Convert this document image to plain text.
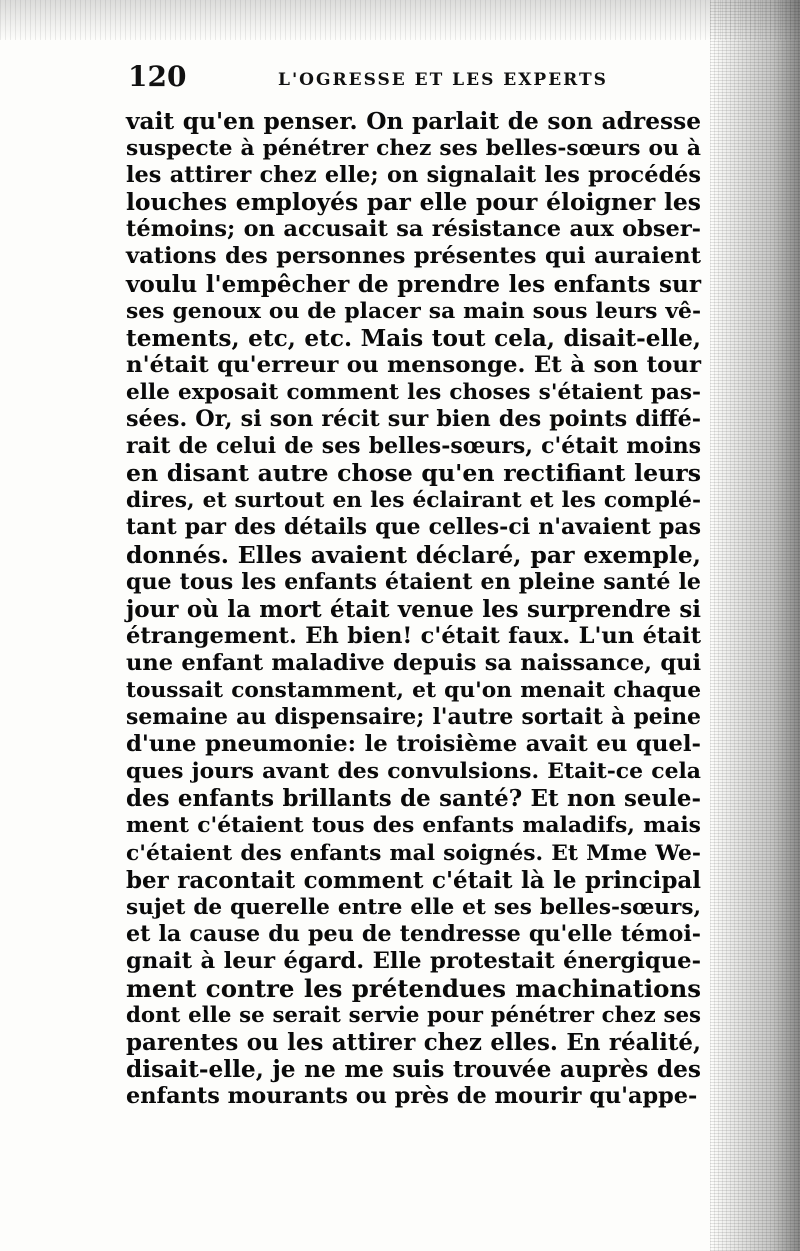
120	L'OGRESSE ET LES EXPERTS
vait qu'en penser. On parlait de son adresse
suspecte à pénétrer chez ses belles-sœurs ou à
les attirer chez elle; on signalait les procédés
louches employés par elle pour éloigner les
témoins; on accusait sa résistance aux obser-
vations des personnes présentes qui auraient
voulu l'empêcher de prendre les enfants sur
ses genoux ou de placer sa main sous leurs vê-
tements, etc, etc. Mais tout cela, disait-elle,
n'était qu'erreur ou mensonge. Et à son tour
elle exposait comment les choses s'étaient pas-
sées. Or, si son récit sur bien des points diffé-
rait de celui de ses belles-sœurs, c'était moins
en disant autre chose qu'en rectifiant leurs
dires, et surtout en les éclairant et les complé-
tant par des détails que celles-ci n'avaient pas
donnés. Elles avaient déclaré, par exemple,
que tous les enfants étaient en pleine santé le
jour où la mort était venue les surprendre si
étrangement. Eh bien! c'était faux. L'un était
une enfant maladive depuis sa naissance, qui
toussait constamment, et qu'on menait chaque
semaine au dispensaire; l'autre sortait à peine
d'une pneumonie: le troisième avait eu quel-
ques jours avant des convulsions. Etait-ce cela
des enfants brillants de santé? Et non seule-
ment c'étaient tous des enfants maladifs, mais
c'étaient des enfants mal soignés. Et Mme We-
ber racontait comment c'était là le principal
sujet de querelle entre elle et ses belles-sœurs,
et la cause du peu de tendresse qu'elle témoi-
gnait à leur égard. Elle protestait énergique-
ment contre les prétendues machinations
dont elle se serait servie pour pénétrer chez ses
parentes ou les attirer chez elles. En réalité,
disait-elle, je ne me suis trouvée auprès des
enfants mourants ou près de mourir qu'appe-
